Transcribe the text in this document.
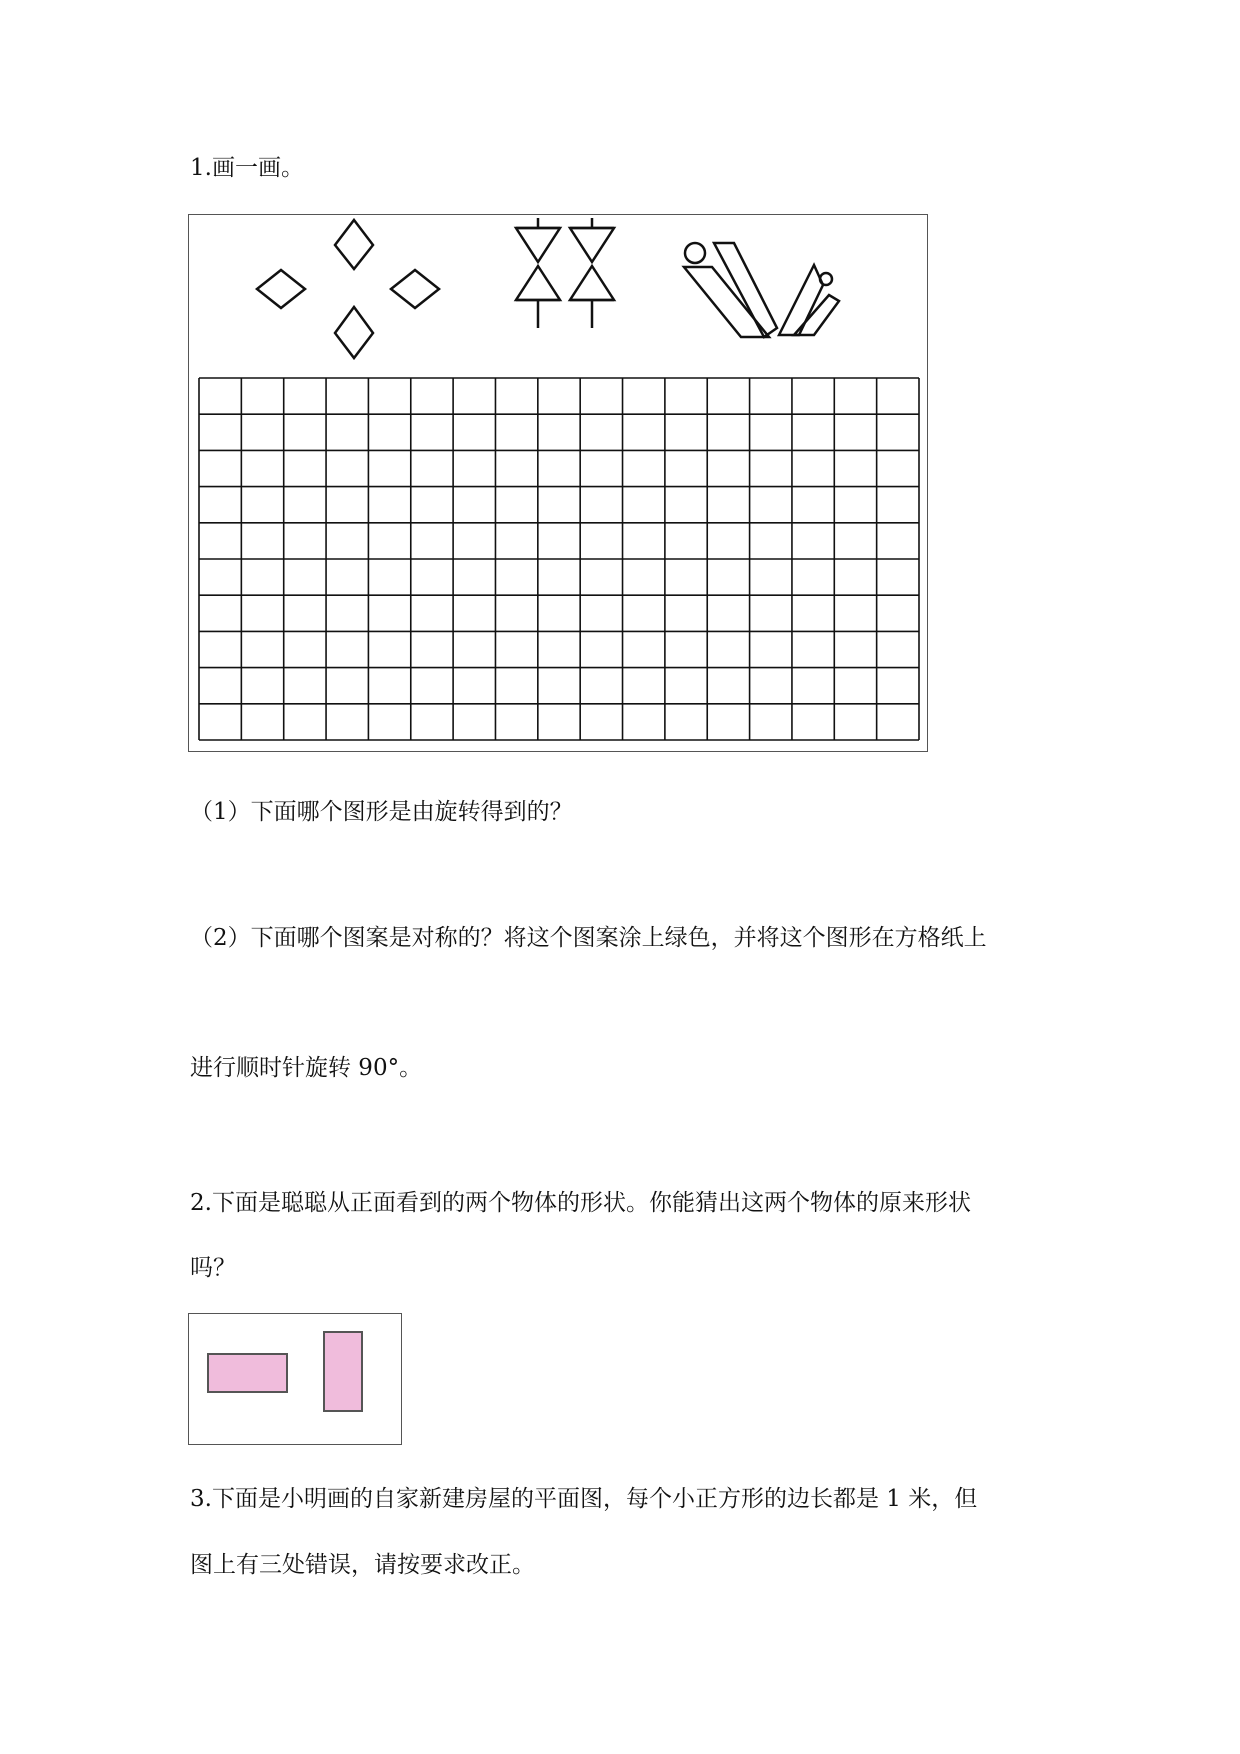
1.画一画。

（1）下面哪个图形是由旋转得到的？

（2）下面哪个图案是对称的？将这个图案涂上绿色，并将这个图形在方格纸上

进行顺时针旋转 90°。

2.下面是聪聪从正面看到的两个物体的形状。你能猜出这两个物体的原来形状

吗？

3.下面是小明画的自家新建房屋的平面图，每个小正方形的边长都是 1 米，但

图上有三处错误，请按要求改正。
